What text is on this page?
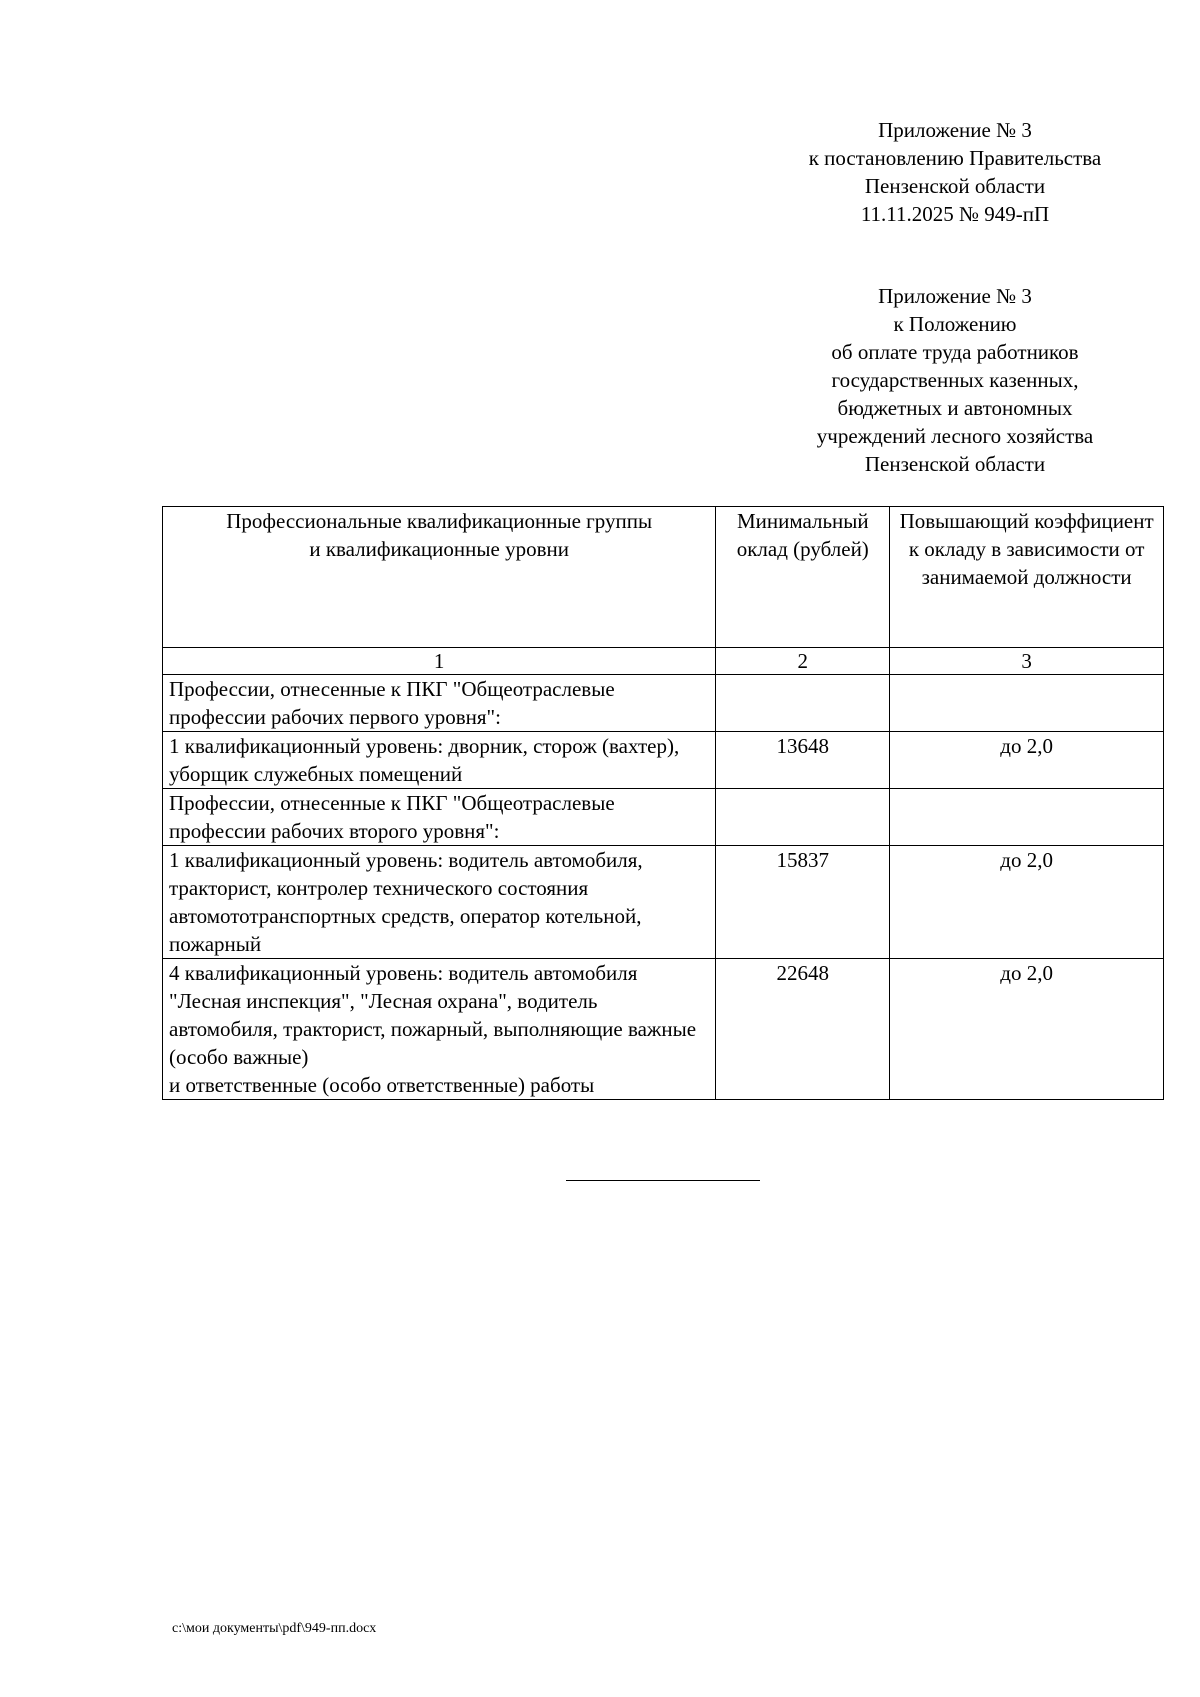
Приложение № 3
к постановлению Правительства
Пензенской области
11.11.2025 № 949-пП
Приложение № 3
к Положению
об оплате труда работников
государственных казенных,
бюджетных и автономных
учреждений лесного хозяйства
Пензенской области
Профессиональные квалификационные группы
и квалификационные уровни	Минимальный оклад (рублей)	Повышающий коэффициент к окладу в зависимости от занимаемой должности
1	2	3
Профессии, отнесенные к ПКГ "Общеотраслевые профессии рабочих первого уровня":		
1 квалификационный уровень: дворник, сторож (вахтер), уборщик служебных помещений	13648	до 2,0
Профессии, отнесенные к ПКГ "Общеотраслевые профессии рабочих второго уровня":		
1 квалификационный уровень: водитель автомобиля, тракторист, контролер технического состояния автомототранспортных средств, оператор котельной, пожарный	15837	до 2,0
4 квалификационный уровень: водитель автомобиля "Лесная инспекция", "Лесная охрана", водитель автомобиля, тракторист, пожарный, выполняющие важные (особо важные)
и ответственные (особо ответственные) работы	22648	до 2,0
c:\мои документы\pdf\949-пп.docx
